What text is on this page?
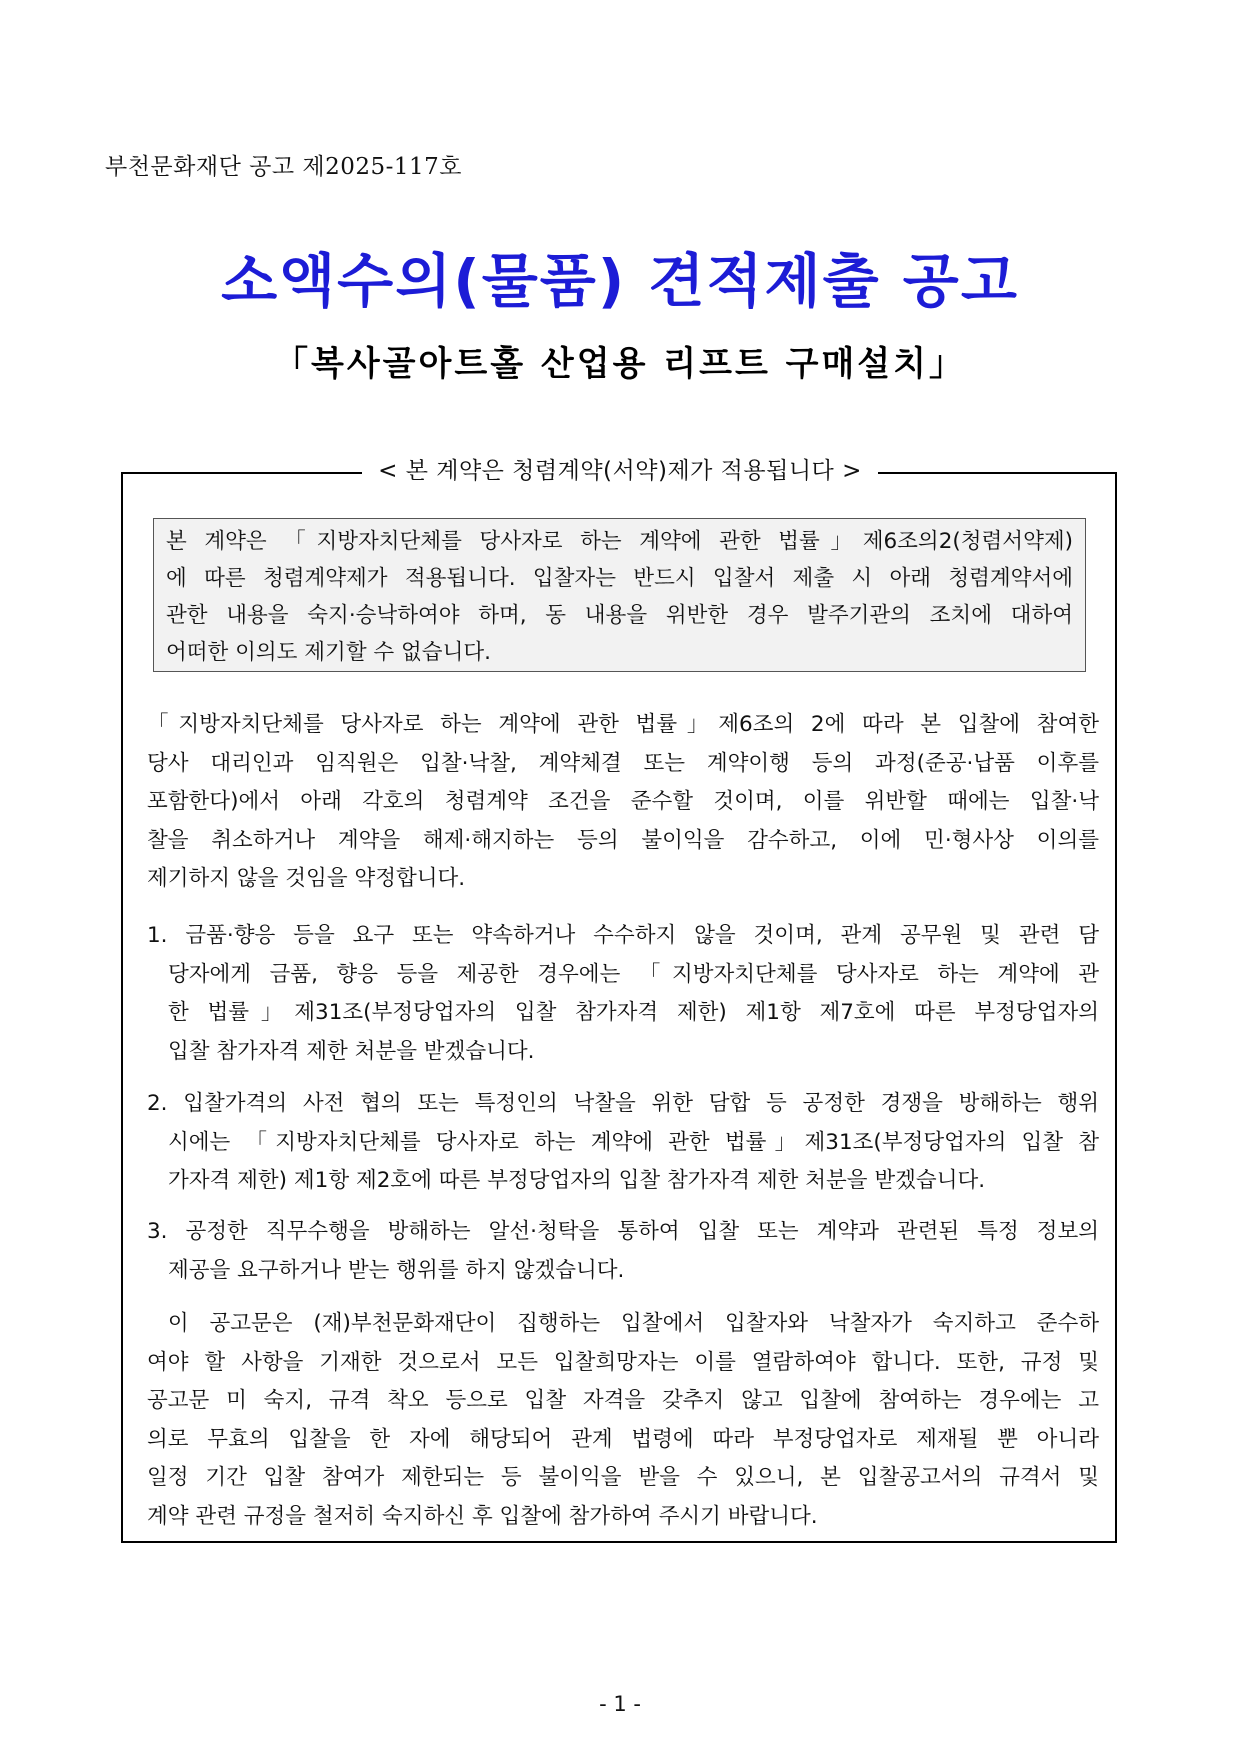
부천문화재단 공고 제2025-117호
소액수의(물품) 견적제출 공고
「복사골아트홀 산업용 리프트 구매설치」
< 본 계약은 청렴계약(서약)제가 적용됩니다 >
본 계약은 「지방자치단체를 당사자로 하는 계약에 관한 법률」제6조의2(청렴서약제)
에 따른 청렴계약제가 적용됩니다. 입찰자는 반드시 입찰서 제출 시 아래 청렴계약서에
관한 내용을 숙지·승낙하여야 하며, 동 내용을 위반한 경우 발주기관의 조치에 대하여
어떠한 이의도 제기할 수 없습니다.
「지방자치단체를 당사자로 하는 계약에 관한 법률」제6조의 2에 따라 본 입찰에 참여한
당사 대리인과 임직원은 입찰·낙찰, 계약체결 또는 계약이행 등의 과정(준공·납품 이후를
포함한다)에서 아래 각호의 청렴계약 조건을 준수할 것이며, 이를 위반할 때에는 입찰·낙
찰을 취소하거나 계약을 해제·해지하는 등의 불이익을 감수하고, 이에 민·형사상 이의를
제기하지 않을 것임을 약정합니다.
1. 금품·향응 등을 요구 또는 약속하거나 수수하지 않을 것이며, 관계 공무원 및 관련 담
당자에게 금품, 향응 등을 제공한 경우에는 「지방자치단체를 당사자로 하는 계약에 관
한 법률」제31조(부정당업자의 입찰 참가자격 제한) 제1항 제7호에 따른 부정당업자의
입찰 참가자격 제한 처분을 받겠습니다.
2. 입찰가격의 사전 협의 또는 특정인의 낙찰을 위한 담합 등 공정한 경쟁을 방해하는 행위
시에는 「지방자치단체를 당사자로 하는 계약에 관한 법률」제31조(부정당업자의 입찰 참
가자격 제한) 제1항 제2호에 따른 부정당업자의 입찰 참가자격 제한 처분을 받겠습니다.
3. 공정한 직무수행을 방해하는 알선·청탁을 통하여 입찰 또는 계약과 관련된 특정 정보의
제공을 요구하거나 받는 행위를 하지 않겠습니다.
이 공고문은 (재)부천문화재단이 집행하는 입찰에서 입찰자와 낙찰자가 숙지하고 준수하
여야 할 사항을 기재한 것으로서 모든 입찰희망자는 이를 열람하여야 합니다. 또한, 규정 및
공고문 미 숙지, 규격 착오 등으로 입찰 자격을 갖추지 않고 입찰에 참여하는 경우에는 고
의로 무효의 입찰을 한 자에 해당되어 관계 법령에 따라 부정당업자로 제재될 뿐 아니라
일정 기간 입찰 참여가 제한되는 등 불이익을 받을 수 있으니, 본 입찰공고서의 규격서 및
계약 관련 규정을 철저히 숙지하신 후 입찰에 참가하여 주시기 바랍니다.
- 1 -
